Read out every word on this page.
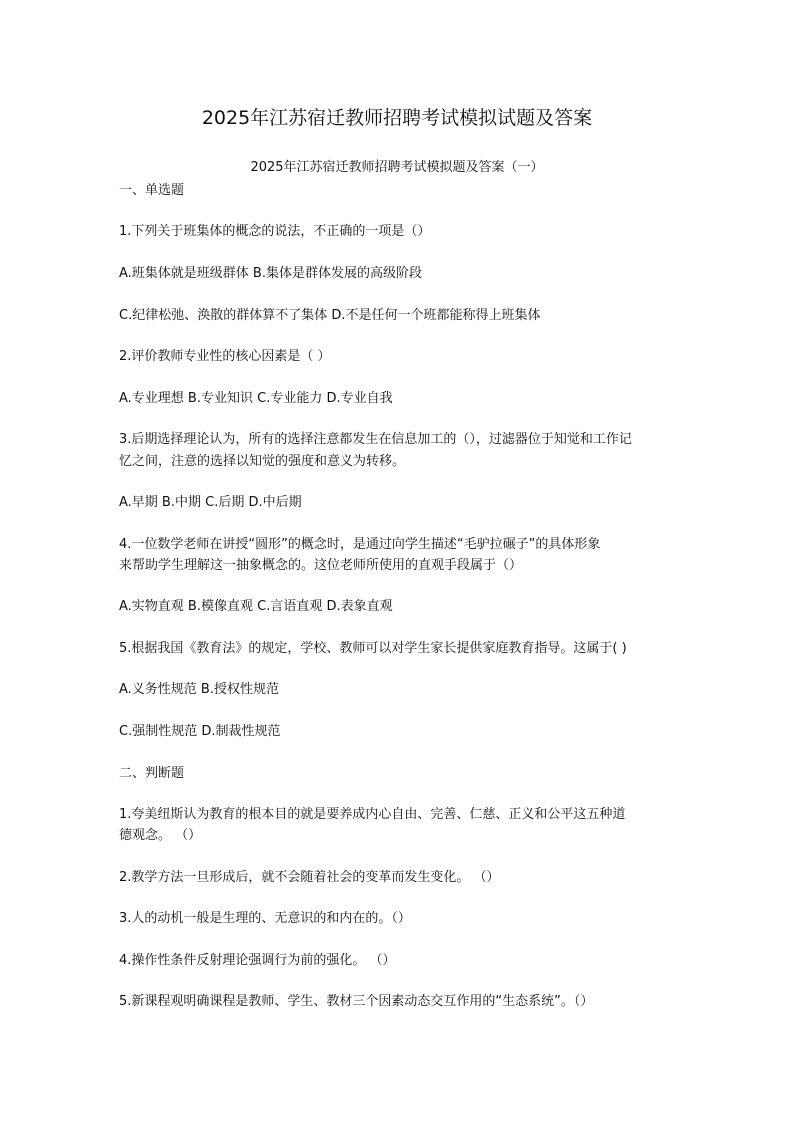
2025年江苏宿迁教师招聘考试模拟试题及答案

2025年江苏宿迁教师招聘考试模拟题及答案（一）

一、单选题

1.下列关于班集体的概念的说法，不正确的一项是（）

A.班集体就是班级群体 B.集体是群体发展的高级阶段

C.纪律松弛、涣散的群体算不了集体 D.不是任何一个班都能称得上班集体

2.评价教师专业性的核心因素是（ ）

A.专业理想 B.专业知识 C.专业能力 D.专业自我

3.后期选择理论认为，所有的选择注意都发生在信息加工的（），过滤器位于知觉和工作记

忆之间，注意的选择以知觉的强度和意义为转移。

A.早期 B.中期 C.后期 D.中后期

4.一位数学老师在讲授“圆形”的概念时，是通过向学生描述“毛驴拉碾子”的具体形象

来帮助学生理解这一抽象概念的。这位老师所使用的直观手段属于（）

A.实物直观 B.模像直观 C.言语直观 D.表象直观

5.根据我国《教育法》的规定，学校、教师可以对学生家长提供家庭教育指导。这属于( )

A.义务性规范 B.授权性规范

C.强制性规范 D.制裁性规范

二、判断题

1.夸美纽斯认为教育的根本目的就是要养成内心自由、完善、仁慈、正义和公平这五种道

德观念。 （）

2.教学方法一旦形成后，就不会随着社会的变革而发生变化。 （）

3.人的动机一般是生理的、无意识的和内在的。（）

4.操作性条件反射理论强调行为前的强化。 （）

5.新课程观明确课程是教师、学生、教材三个因素动态交互作用的“生态系统”。（）
